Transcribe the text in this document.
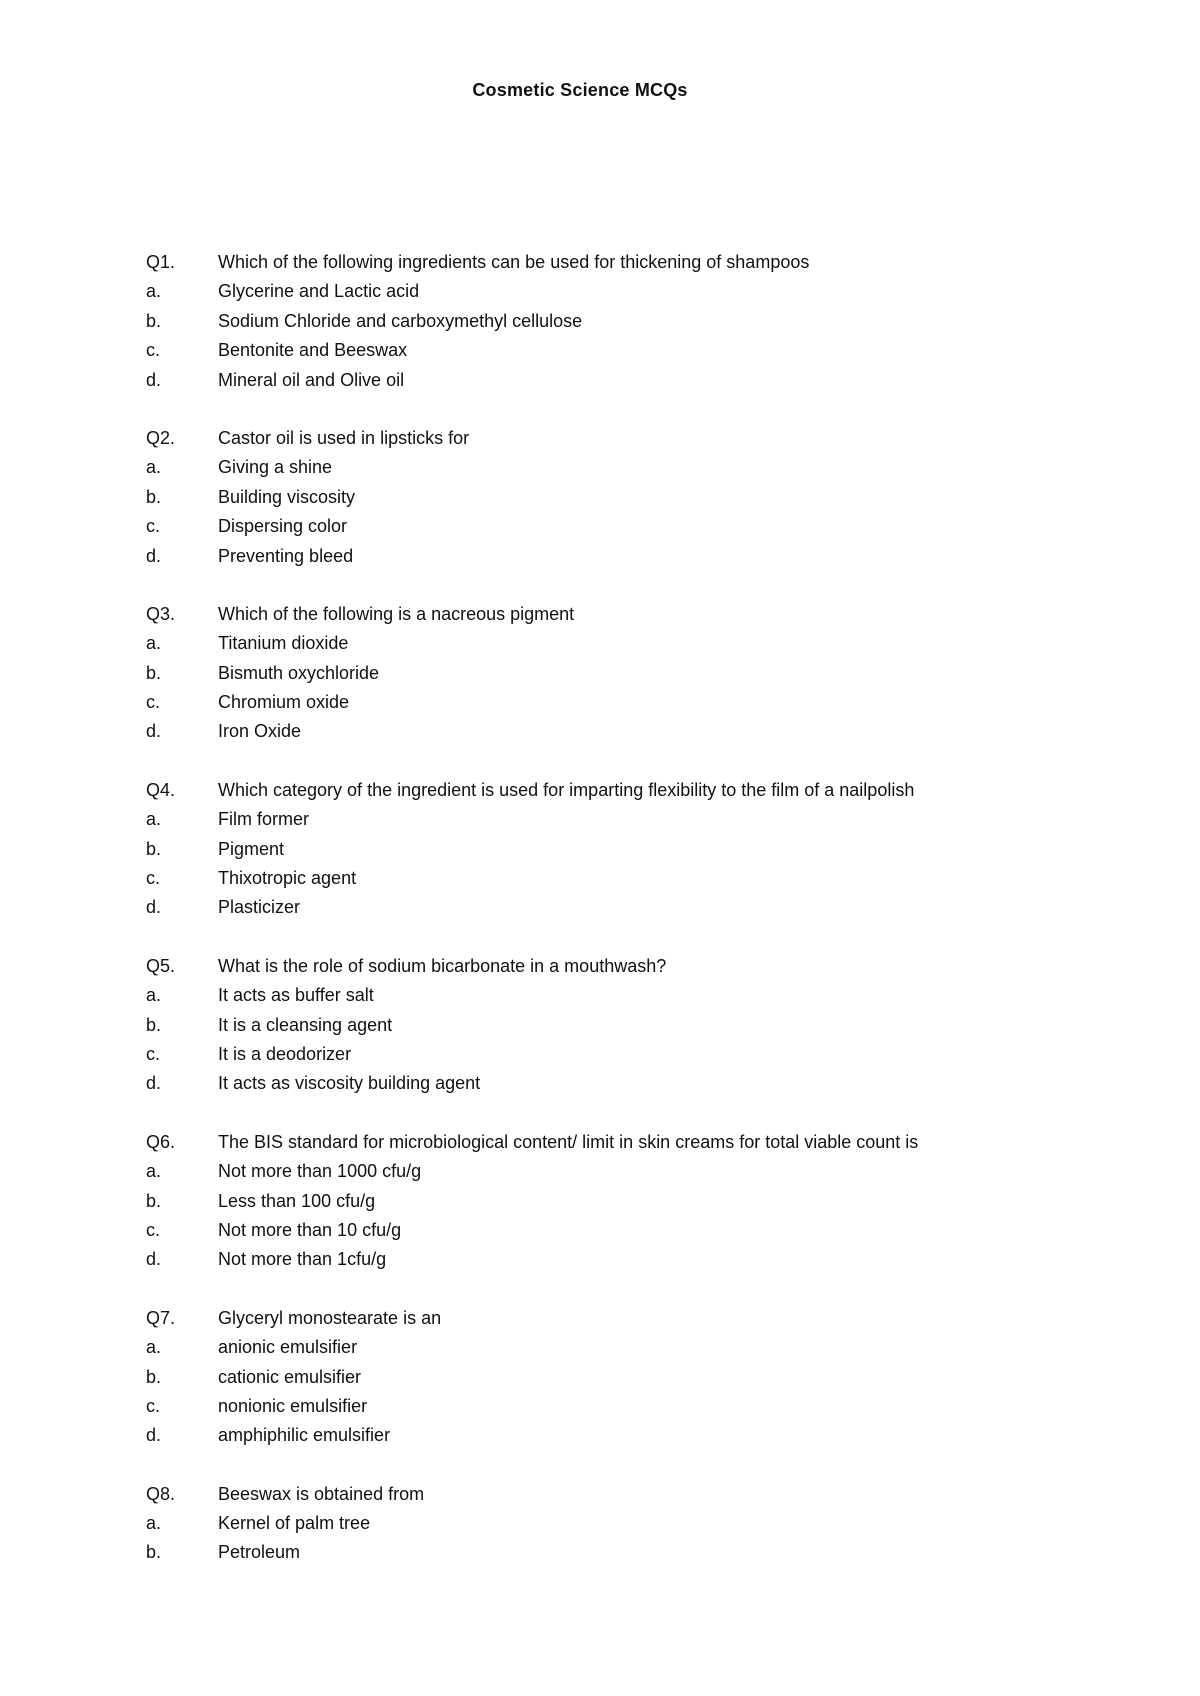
Cosmetic Science MCQs
Q1.	Which of the following ingredients can be used for thickening of shampoos
a.	Glycerine and Lactic acid
b.	Sodium Chloride and carboxymethyl cellulose
c.	Bentonite and Beeswax
d.	Mineral oil and Olive oil
Q2.	Castor oil is used in lipsticks for
a.	Giving a shine
b.	Building viscosity
c.	Dispersing color
d.	Preventing bleed
Q3.	Which of the following is a nacreous pigment
a.	Titanium dioxide
b.	Bismuth oxychloride
c.	Chromium oxide
d.	Iron Oxide
Q4.	Which category of the ingredient is used for imparting flexibility to the film of a nailpolish
a.	Film former
b.	Pigment
c.	Thixotropic agent
d.	Plasticizer
Q5.	What is the role of sodium bicarbonate in a mouthwash?
a.	It acts as buffer salt
b.	It is a cleansing agent
c.	It is a deodorizer
d.	It acts as viscosity building agent
Q6.	The BIS standard for microbiological content/ limit in skin creams for total viable count is
a.	Not more than 1000 cfu/g
b.	Less than 100 cfu/g
c.	Not more than 10 cfu/g
d.	Not more than 1cfu/g
Q7.	Glyceryl monostearate is an
a.	anionic emulsifier
b.	cationic emulsifier
c.	nonionic emulsifier
d.	amphiphilic emulsifier
Q8.	Beeswax is obtained from
a.	Kernel of palm tree
b.	Petroleum
